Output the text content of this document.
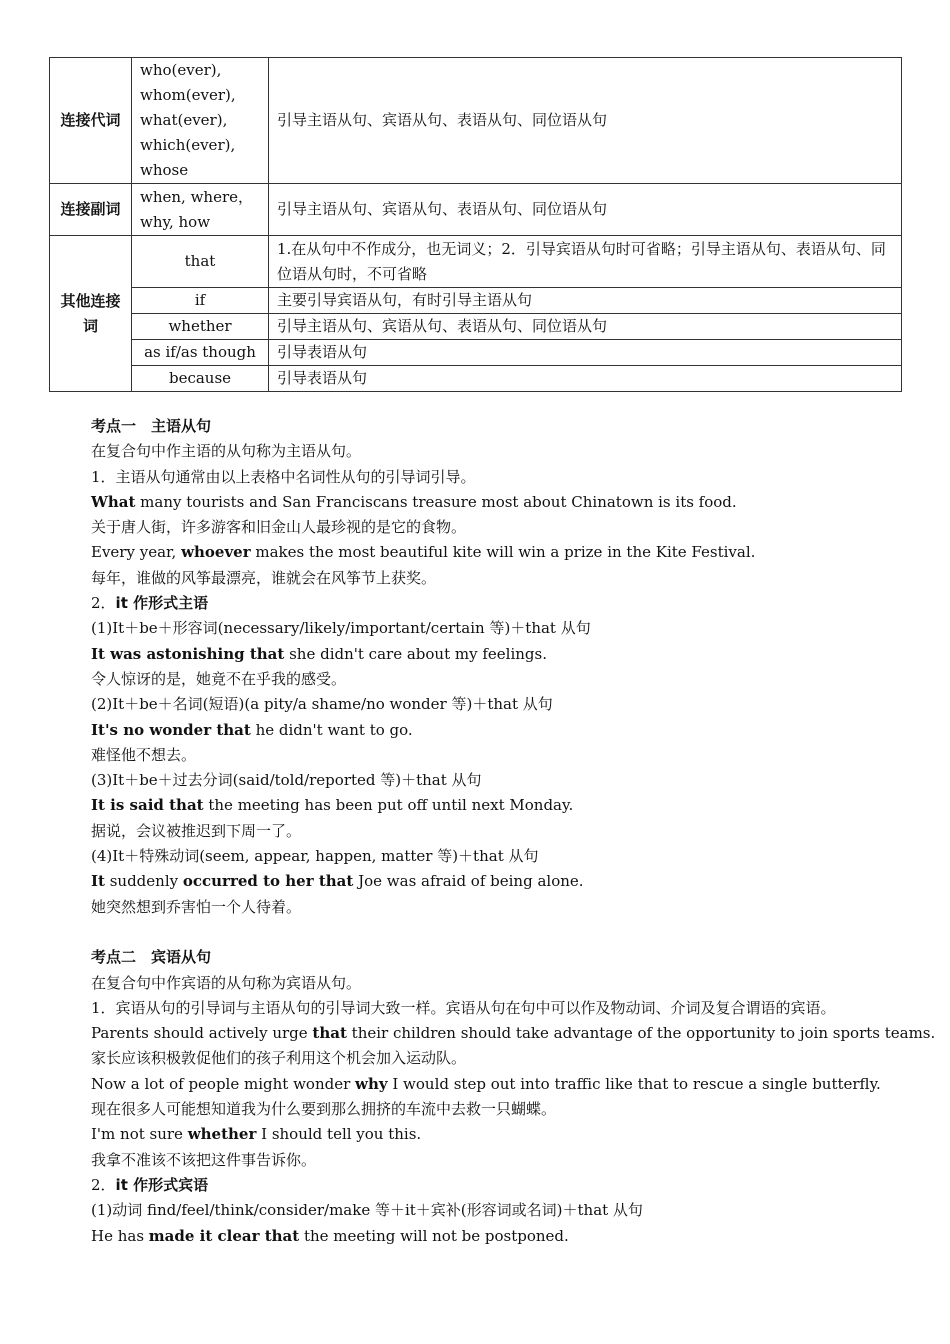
连接代词	who(ever),
whom(ever),
what(ever),
which(ever),
whose	引导主语从句、宾语从句、表语从句、同位语从句
连接副词	when, where，
why, how	引导主语从句、宾语从句、表语从句、同位语从句
其他连接词	that	1.在从句中不作成分，也无词义；2．引导宾语从句时可省略；引导主语从句、表语从句、同位语从句时，不可省略
	if	主要引导宾语从句，有时引导主语从句
	whether	引导主语从句、宾语从句、表语从句、同位语从句
	as if/as though	引导表语从句
	because	引导表语从句
考点一　主语从句
在复合句中作主语的从句称为主语从句。
1．主语从句通常由以上表格中名词性从句的引导词引导。
What many tourists and San Franciscans treasure most about Chinatown is its food.
关于唐人街，许多游客和旧金山人最珍视的是它的食物。
Every year, whoever makes the most beautiful kite will win a prize in the Kite Festival.
每年，谁做的风筝最漂亮，谁就会在风筝节上获奖。
2．it 作形式主语
(1)It＋be＋形容词(necessary/likely/important/certain 等)＋that 从句
It was astonishing that she didn't care about my feelings.
令人惊讶的是，她竟不在乎我的感受。
(2)It＋be＋名词(短语)(a pity/a shame/no wonder 等)＋that 从句
It's no wonder that he didn't want to go.
难怪他不想去。
(3)It＋be＋过去分词(said/told/reported 等)＋that 从句
It is said that the meeting has been put off until next Monday.
据说，会议被推迟到下周一了。
(4)It＋特殊动词(seem, appear, happen, matter 等)＋that 从句
It suddenly occurred to her that Joe was afraid of being alone.
她突然想到乔害怕一个人待着。
考点二　宾语从句
在复合句中作宾语的从句称为宾语从句。
1．宾语从句的引导词与主语从句的引导词大致一样。宾语从句在句中可以作及物动词、介词及复合谓语的宾语。
Parents should actively urge that their children should take advantage of the opportunity to join sports teams.
家长应该积极敦促他们的孩子利用这个机会加入运动队。
Now a lot of people might wonder why I would step out into traffic like that to rescue a single butterfly.
现在很多人可能想知道我为什么要到那么拥挤的车流中去救一只蝴蝶。
I'm not sure whether I should tell you this.
我拿不准该不该把这件事告诉你。
2．it 作形式宾语
(1)动词 find/feel/think/consider/make 等＋it＋宾补(形容词或名词)＋that 从句
He has made it clear that the meeting will not be postponed.
